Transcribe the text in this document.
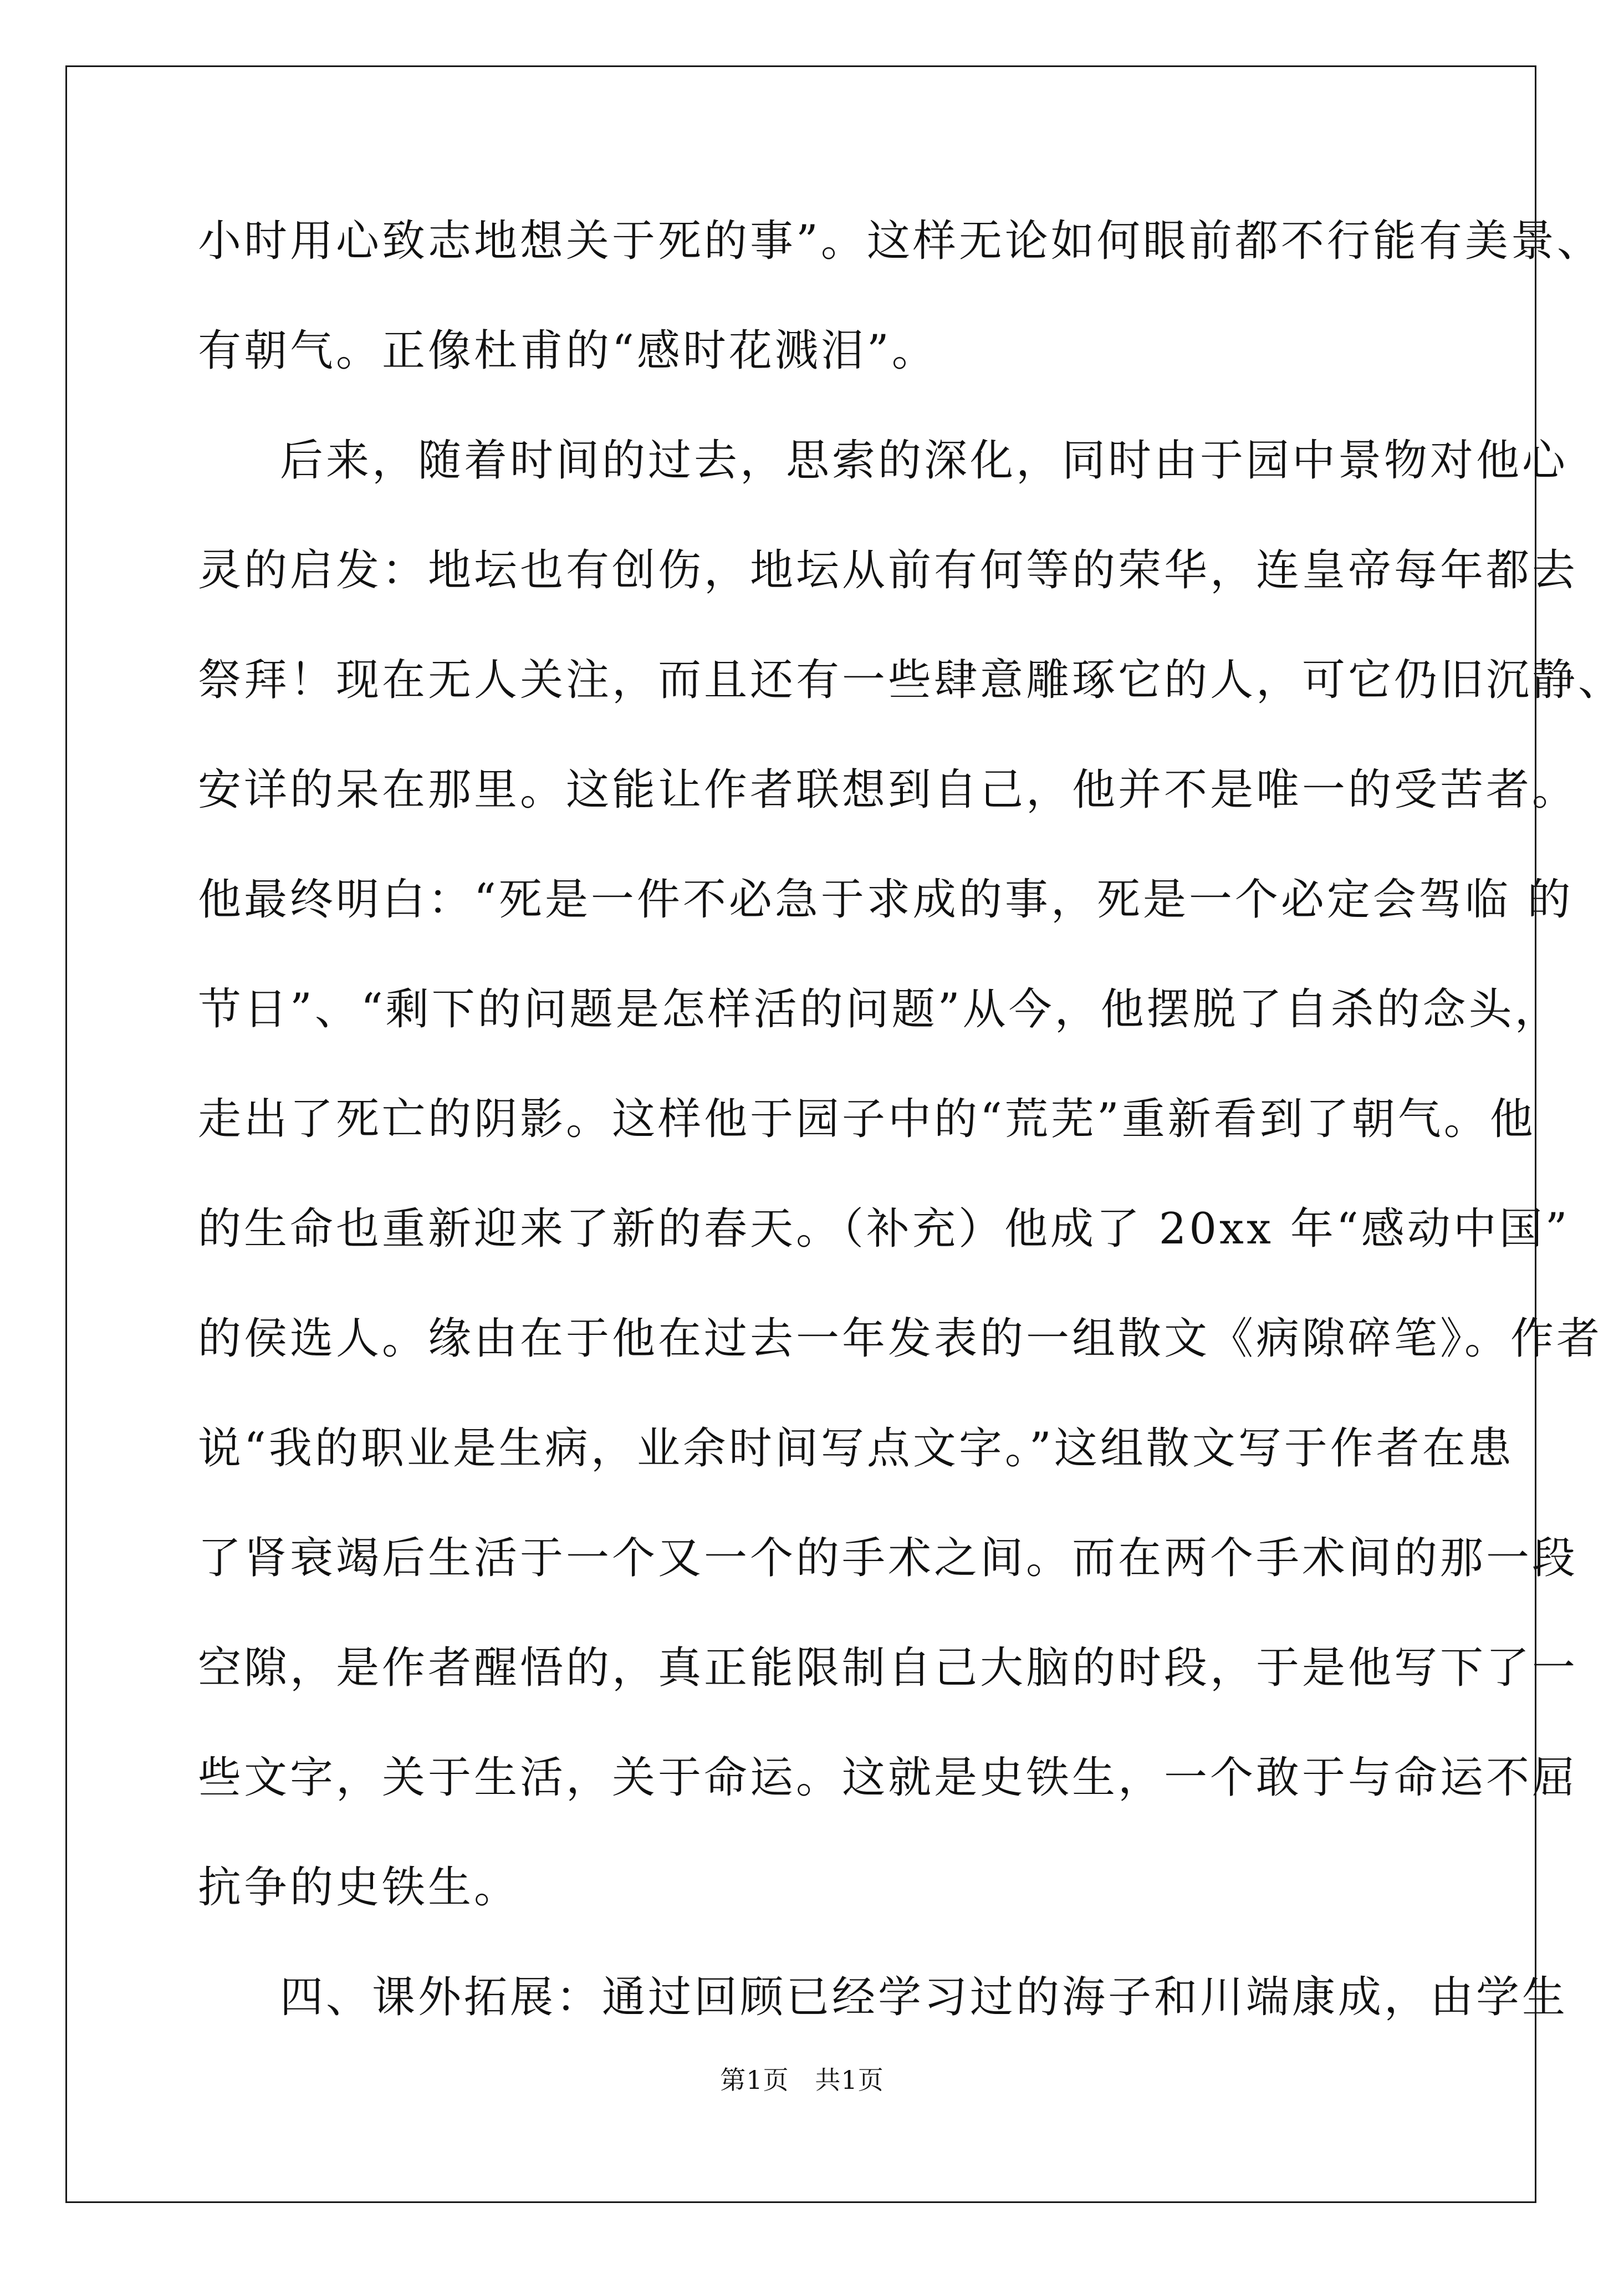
小时用心致志地想关于死的事”。这样无论如何眼前都不行能有美景、
有朝气。正像杜甫的“感时花溅泪”。
后来，随着时间的过去，思索的深化，同时由于园中景物对他心
灵的启发：地坛也有创伤，地坛从前有何等的荣华，连皇帝每年都去
祭拜！现在无人关注，而且还有一些肆意雕琢它的人，可它仍旧沉静、
安详的呆在那里。这能让作者联想到自己，他并不是唯一的受苦者。
他最终明白：“死是一件不必急于求成的事，死是一个必定会驾临 的
节日”、“剩下的问题是怎样活的问题”从今，他摆脱了自杀的念头，
走出了死亡的阴影。这样他于园子中的“荒芜”重新看到了朝气。他
的生命也重新迎来了新的春天。（补充）他成了 20xx 年“感动中国”
的侯选人。缘由在于他在过去一年发表的一组散文《病隙碎笔》。作者
说“我的职业是生病，业余时间写点文字。”这组散文写于作者在患
了肾衰竭后生活于一个又一个的手术之间。而在两个手术间的那一段
空隙，是作者醒悟的，真正能限制自己大脑的时段，于是他写下了一
些文字，关于生活，关于命运。这就是史铁生，一个敢于与命运不屈
抗争的史铁生。
四、课外拓展：通过回顾已经学习过的海子和川端康成，由学生
第1页   共1页
